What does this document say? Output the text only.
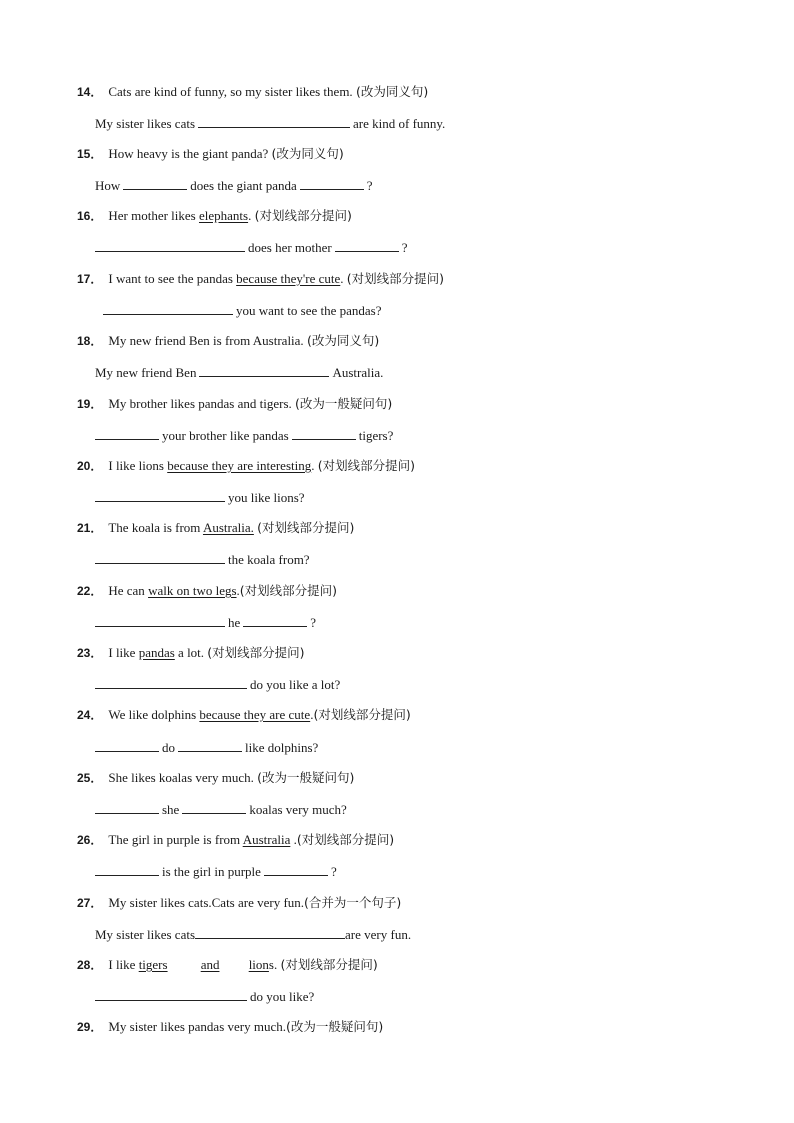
14． Cats are kind of funny, so my sister likes them. (改为同义句)
My sister likes cats	are kind of funny.
15． How heavy is the giant panda? (改为同义句)
How	does the giant panda	?
16． Her mother likes elephants. (对划线部分提问)
does her mother	?
17． I want to see the pandas because they're cute. (对划线部分提问)
you want to see the pandas?
18． My new friend Ben is from Australia. (改为同义句)
My new friend Ben	Australia.
19． My brother likes pandas and tigers. (改为一般疑问句)
your brother like pandas	tigers?
20． I like lions because they are interesting. (对划线部分提问)
you like lions?
21． The koala is from Australia. (对划线部分提问)
the koala from?
22． He can walk on two legs.(对划线部分提问)
he	?
23． I like pandas a lot. (对划线部分提问)
do you like a lot?
24． We like dolphins because they are cute.(对划线部分提问)
do	like dolphins?
25． She likes koalas very much. (改为一般疑问句)
she	koalas very much?
26． The girl in purple is from Australia .(对划线部分提问)
is the girl in purple	?
27． My sister likes cats.Cats are very fun.(合并为一个句子)
My sister likes cats	are very fun.
28． I like tigers	and lions. (对划线部分提问)
do you like?
29． My sister likes pandas very much.(改为一般疑问句)
